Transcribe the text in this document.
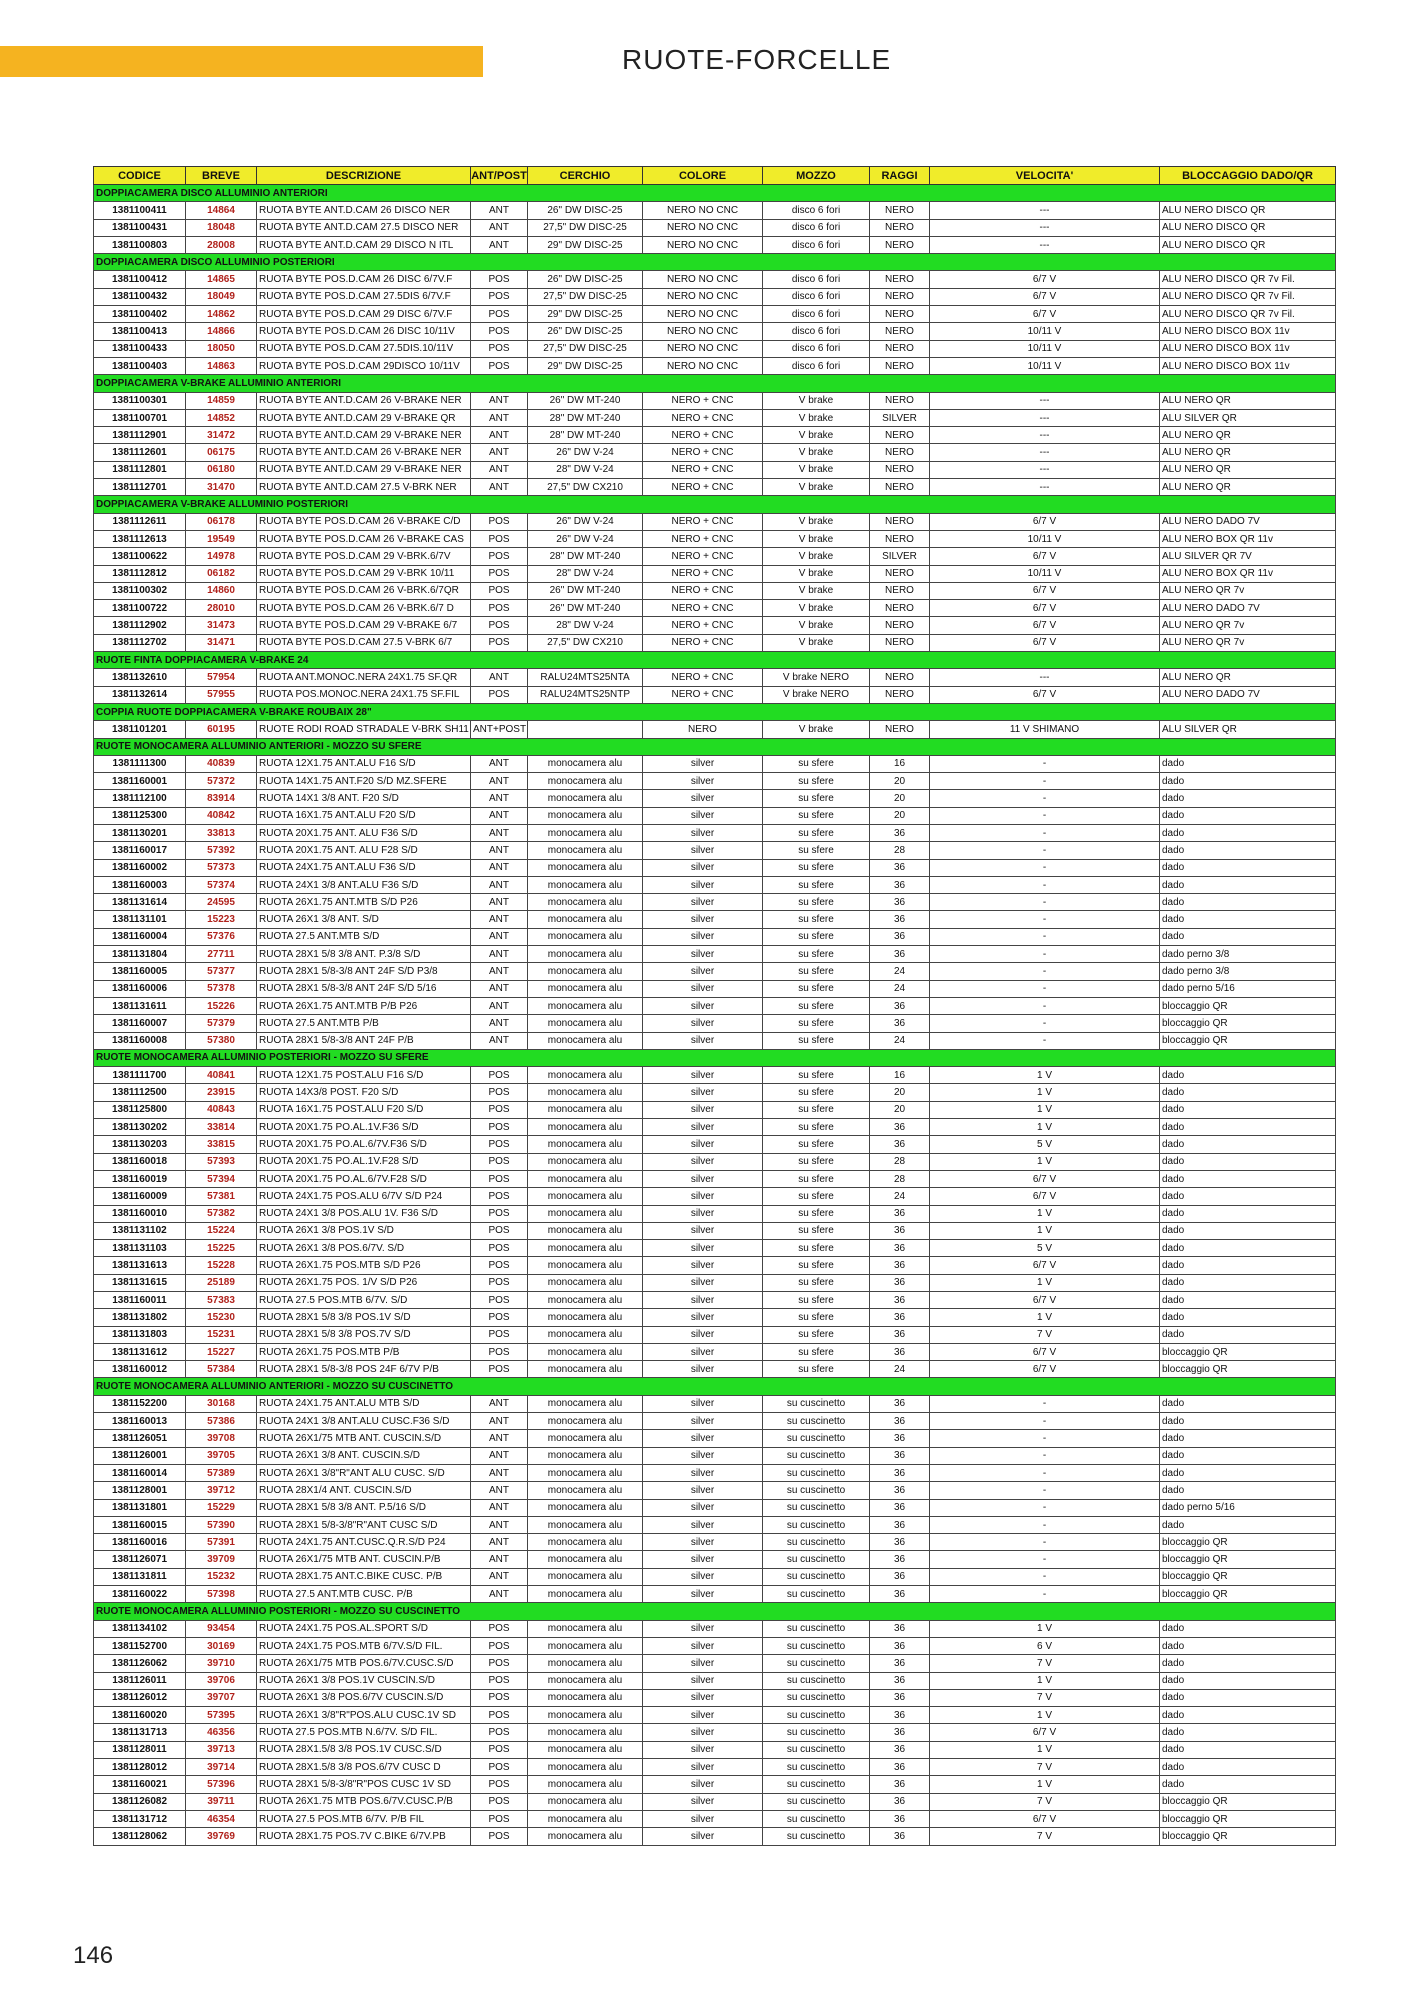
RUOTE-FORCELLE
CODICE	BREVE	DESCRIZIONE	ANT/POST	CERCHIO	COLORE	MOZZO	RAGGI	VELOCITA'	BLOCCAGGIO DADO/QR
DOPPIACAMERA DISCO ALLUMINIO ANTERIORI									
1381100411	14864	RUOTA BYTE ANT.D.CAM 26 DISCO NER	ANT	26" DW DISC-25	NERO NO CNC	disco 6 fori	NERO	---	ALU NERO DISCO QR
1381100431	18048	RUOTA BYTE ANT.D.CAM 27.5 DISCO NER	ANT	27,5" DW DISC-25	NERO NO CNC	disco 6 fori	NERO	---	ALU NERO DISCO QR
1381100803	28008	RUOTA BYTE ANT.D.CAM 29 DISCO N ITL	ANT	29" DW DISC-25	NERO NO CNC	disco 6 fori	NERO	---	ALU NERO DISCO QR
DOPPIACAMERA DISCO ALLUMINIO POSTERIORI									
1381100412	14865	RUOTA BYTE POS.D.CAM 26 DISC 6/7V.F	POS	26" DW DISC-25	NERO NO CNC	disco 6 fori	NERO	6/7 V	ALU NERO DISCO QR 7v Fil.
1381100432	18049	RUOTA BYTE POS.D.CAM 27.5DIS 6/7V.F	POS	27,5" DW DISC-25	NERO NO CNC	disco 6 fori	NERO	6/7 V	ALU NERO DISCO QR 7v Fil.
1381100402	14862	RUOTA BYTE POS.D.CAM 29 DISC 6/7V.F	POS	29" DW DISC-25	NERO NO CNC	disco 6 fori	NERO	6/7 V	ALU NERO DISCO QR 7v Fil.
1381100413	14866	RUOTA BYTE POS.D.CAM 26 DISC 10/11V	POS	26" DW DISC-25	NERO NO CNC	disco 6 fori	NERO	10/11 V	ALU NERO DISCO BOX 11v
1381100433	18050	RUOTA BYTE POS.D.CAM 27.5DIS.10/11V	POS	27,5" DW DISC-25	NERO NO CNC	disco 6 fori	NERO	10/11 V	ALU NERO DISCO BOX 11v
1381100403	14863	RUOTA BYTE POS.D.CAM 29DISCO 10/11V	POS	29" DW DISC-25	NERO NO CNC	disco 6 fori	NERO	10/11 V	ALU NERO DISCO BOX 11v
DOPPIACAMERA V-BRAKE ALLUMINIO ANTERIORI									
1381100301	14859	RUOTA BYTE ANT.D.CAM 26 V-BRAKE NER	ANT	26" DW MT-240	NERO + CNC	V brake	NERO	---	ALU NERO QR
1381100701	14852	RUOTA BYTE ANT.D.CAM 29 V-BRAKE QR	ANT	28" DW MT-240	NERO + CNC	V brake	SILVER	---	ALU SILVER QR
1381112901	31472	RUOTA BYTE ANT.D.CAM 29 V-BRAKE NER	ANT	28" DW MT-240	NERO + CNC	V brake	NERO	---	ALU NERO QR
1381112601	06175	RUOTA BYTE ANT.D.CAM 26 V-BRAKE NER	ANT	26" DW V-24	NERO + CNC	V brake	NERO	---	ALU NERO QR
1381112801	06180	RUOTA BYTE ANT.D.CAM 29 V-BRAKE NER	ANT	28" DW V-24	NERO + CNC	V brake	NERO	---	ALU NERO QR
1381112701	31470	RUOTA BYTE ANT.D.CAM 27.5 V-BRK NER	ANT	27,5" DW CX210	NERO + CNC	V brake	NERO	---	ALU NERO QR
DOPPIACAMERA V-BRAKE ALLUMINIO POSTERIORI									
1381112611	06178	RUOTA BYTE POS.D.CAM 26 V-BRAKE C/D	POS	26" DW V-24	NERO + CNC	V brake	NERO	6/7 V	ALU NERO DADO 7V
1381112613	19549	RUOTA BYTE POS.D.CAM 26 V-BRAKE CAS	POS	26" DW V-24	NERO + CNC	V brake	NERO	10/11 V	ALU NERO BOX QR 11v
1381100622	14978	RUOTA BYTE POS.D.CAM 29 V-BRK.6/7V	POS	28" DW MT-240	NERO + CNC	V brake	SILVER	6/7 V	ALU SILVER QR 7V
1381112812	06182	RUOTA BYTE POS.D.CAM 29 V-BRK 10/11	POS	28" DW V-24	NERO + CNC	V brake	NERO	10/11 V	ALU NERO BOX QR 11v
1381100302	14860	RUOTA BYTE POS.D.CAM 26 V-BRK.6/7QR	POS	26" DW MT-240	NERO + CNC	V brake	NERO	6/7 V	ALU NERO QR 7v
1381100722	28010	RUOTA BYTE POS.D.CAM 26 V-BRK.6/7 D	POS	26" DW MT-240	NERO + CNC	V brake	NERO	6/7 V	ALU NERO DADO 7V
1381112902	31473	RUOTA BYTE POS.D.CAM 29 V-BRAKE 6/7	POS	28" DW V-24	NERO + CNC	V brake	NERO	6/7 V	ALU NERO QR 7v
1381112702	31471	RUOTA BYTE POS.D.CAM 27.5 V-BRK 6/7	POS	27,5" DW CX210	NERO + CNC	V brake	NERO	6/7 V	ALU NERO QR 7v
RUOTE FINTA DOPPIACAMERA V-BRAKE 24									
1381132610	57954	RUOTA ANT.MONOC.NERA 24X1.75 SF.QR	ANT	RALU24MTS25NTA	NERO + CNC	V brake NERO	NERO	---	ALU NERO QR
1381132614	57955	RUOTA POS.MONOC.NERA 24X1.75 SF.FIL	POS	RALU24MTS25NTP	NERO + CNC	V brake NERO	NERO	6/7 V	ALU NERO DADO 7V
COPPIA RUOTE DOPPIACAMERA V-BRAKE ROUBAIX 28"									
1381101201	60195	RUOTE RODI ROAD STRADALE V-BRK SH11	ANT+POST		NERO	V brake	NERO	11 V SHIMANO	ALU SILVER QR
RUOTE MONOCAMERA ALLUMINIO ANTERIORI - MOZZO SU SFERE									
1381111300	40839	RUOTA 12X1.75 ANT.ALU F16 S/D	ANT	monocamera alu	silver	su sfere	16	-	dado
1381160001	57372	RUOTA 14X1.75 ANT.F20 S/D MZ.SFERE	ANT	monocamera alu	silver	su sfere	20	-	dado
1381112100	83914	RUOTA 14X1 3/8 ANT. F20 S/D	ANT	monocamera alu	silver	su sfere	20	-	dado
1381125300	40842	RUOTA 16X1.75 ANT.ALU F20 S/D	ANT	monocamera alu	silver	su sfere	20	-	dado
1381130201	33813	RUOTA 20X1.75 ANT. ALU F36 S/D	ANT	monocamera alu	silver	su sfere	36	-	dado
1381160017	57392	RUOTA 20X1.75 ANT. ALU F28 S/D	ANT	monocamera alu	silver	su sfere	28	-	dado
1381160002	57373	RUOTA 24X1.75 ANT.ALU F36 S/D	ANT	monocamera alu	silver	su sfere	36	-	dado
1381160003	57374	RUOTA 24X1 3/8 ANT.ALU F36 S/D	ANT	monocamera alu	silver	su sfere	36	-	dado
1381131614	24595	RUOTA 26X1.75 ANT.MTB S/D P26	ANT	monocamera alu	silver	su sfere	36	-	dado
1381131101	15223	RUOTA 26X1 3/8 ANT. S/D	ANT	monocamera alu	silver	su sfere	36	-	dado
1381160004	57376	RUOTA 27.5 ANT.MTB S/D	ANT	monocamera alu	silver	su sfere	36	-	dado
1381131804	27711	RUOTA 28X1 5/8 3/8 ANT. P.3/8 S/D	ANT	monocamera alu	silver	su sfere	36	-	dado perno 3/8
1381160005	57377	RUOTA 28X1 5/8-3/8 ANT 24F S/D P3/8	ANT	monocamera alu	silver	su sfere	24	-	dado perno 3/8
1381160006	57378	RUOTA 28X1 5/8-3/8 ANT 24F S/D 5/16	ANT	monocamera alu	silver	su sfere	24	-	dado perno 5/16
1381131611	15226	RUOTA 26X1.75 ANT.MTB P/B P26	ANT	monocamera alu	silver	su sfere	36	-	bloccaggio QR
1381160007	57379	RUOTA 27.5 ANT.MTB P/B	ANT	monocamera alu	silver	su sfere	36	-	bloccaggio QR
1381160008	57380	RUOTA 28X1 5/8-3/8 ANT 24F P/B	ANT	monocamera alu	silver	su sfere	24	-	bloccaggio QR
RUOTE MONOCAMERA ALLUMINIO POSTERIORI - MOZZO SU SFERE									
1381111700	40841	RUOTA 12X1.75 POST.ALU F16 S/D	POS	monocamera alu	silver	su sfere	16	1 V	dado
1381112500	23915	RUOTA 14X3/8 POST. F20 S/D	POS	monocamera alu	silver	su sfere	20	1 V	dado
1381125800	40843	RUOTA 16X1.75 POST.ALU F20 S/D	POS	monocamera alu	silver	su sfere	20	1 V	dado
1381130202	33814	RUOTA 20X1.75 PO.AL.1V.F36 S/D	POS	monocamera alu	silver	su sfere	36	1 V	dado
1381130203	33815	RUOTA 20X1.75 PO.AL.6/7V.F36 S/D	POS	monocamera alu	silver	su sfere	36	5 V	dado
1381160018	57393	RUOTA 20X1.75 PO.AL.1V.F28 S/D	POS	monocamera alu	silver	su sfere	28	1 V	dado
1381160019	57394	RUOTA 20X1.75 PO.AL.6/7V.F28 S/D	POS	monocamera alu	silver	su sfere	28	6/7 V	dado
1381160009	57381	RUOTA 24X1.75 POS.ALU 6/7V S/D P24	POS	monocamera alu	silver	su sfere	24	6/7 V	dado
1381160010	57382	RUOTA 24X1 3/8 POS.ALU 1V. F36 S/D	POS	monocamera alu	silver	su sfere	36	1 V	dado
1381131102	15224	RUOTA 26X1 3/8 POS.1V S/D	POS	monocamera alu	silver	su sfere	36	1 V	dado
1381131103	15225	RUOTA 26X1 3/8 POS.6/7V. S/D	POS	monocamera alu	silver	su sfere	36	5 V	dado
1381131613	15228	RUOTA 26X1.75 POS.MTB S/D P26	POS	monocamera alu	silver	su sfere	36	6/7 V	dado
1381131615	25189	RUOTA 26X1.75 POS. 1/V S/D P26	POS	monocamera alu	silver	su sfere	36	1 V	dado
1381160011	57383	RUOTA 27.5 POS.MTB 6/7V. S/D	POS	monocamera alu	silver	su sfere	36	6/7 V	dado
1381131802	15230	RUOTA 28X1 5/8 3/8 POS.1V S/D	POS	monocamera alu	silver	su sfere	36	1 V	dado
1381131803	15231	RUOTA 28X1 5/8 3/8 POS.7V S/D	POS	monocamera alu	silver	su sfere	36	7 V	dado
1381131612	15227	RUOTA 26X1.75 POS.MTB P/B	POS	monocamera alu	silver	su sfere	36	6/7 V	bloccaggio QR
1381160012	57384	RUOTA 28X1 5/8-3/8 POS 24F 6/7V P/B	POS	monocamera alu	silver	su sfere	24	6/7 V	bloccaggio QR
RUOTE MONOCAMERA ALLUMINIO ANTERIORI - MOZZO SU CUSCINETTO									
1381152200	30168	RUOTA 24X1.75 ANT.ALU MTB S/D	ANT	monocamera alu	silver	su cuscinetto	36	-	dado
1381160013	57386	RUOTA 24X1 3/8 ANT.ALU CUSC.F36 S/D	ANT	monocamera alu	silver	su cuscinetto	36	-	dado
1381126051	39708	RUOTA 26X1/75 MTB ANT. CUSCIN.S/D	ANT	monocamera alu	silver	su cuscinetto	36	-	dado
1381126001	39705	RUOTA 26X1 3/8 ANT. CUSCIN.S/D	ANT	monocamera alu	silver	su cuscinetto	36	-	dado
1381160014	57389	RUOTA 26X1 3/8"R"ANT ALU CUSC. S/D	ANT	monocamera alu	silver	su cuscinetto	36	-	dado
1381128001	39712	RUOTA 28X1/4 ANT. CUSCIN.S/D	ANT	monocamera alu	silver	su cuscinetto	36	-	dado
1381131801	15229	RUOTA 28X1 5/8 3/8 ANT. P.5/16 S/D	ANT	monocamera alu	silver	su cuscinetto	36	-	dado perno 5/16
1381160015	57390	RUOTA 28X1 5/8-3/8"R"ANT CUSC S/D	ANT	monocamera alu	silver	su cuscinetto	36	-	dado
1381160016	57391	RUOTA 24X1.75 ANT.CUSC.Q.R.S/D P24	ANT	monocamera alu	silver	su cuscinetto	36	-	bloccaggio QR
1381126071	39709	RUOTA 26X1/75 MTB ANT. CUSCIN.P/B	ANT	monocamera alu	silver	su cuscinetto	36	-	bloccaggio QR
1381131811	15232	RUOTA 28X1.75 ANT.C.BIKE CUSC. P/B	ANT	monocamera alu	silver	su cuscinetto	36	-	bloccaggio QR
1381160022	57398	RUOTA 27.5 ANT.MTB CUSC. P/B	ANT	monocamera alu	silver	su cuscinetto	36	-	bloccaggio QR
RUOTE MONOCAMERA ALLUMINIO POSTERIORI - MOZZO SU CUSCINETTO									
1381134102	93454	RUOTA 24X1.75 POS.AL.SPORT S/D	POS	monocamera alu	silver	su cuscinetto	36	1 V	dado
1381152700	30169	RUOTA 24X1.75 POS.MTB 6/7V.S/D FIL.	POS	monocamera alu	silver	su cuscinetto	36	6 V	dado
1381126062	39710	RUOTA 26X1/75 MTB POS.6/7V.CUSC.S/D	POS	monocamera alu	silver	su cuscinetto	36	7 V	dado
1381126011	39706	RUOTA 26X1 3/8 POS.1V CUSCIN.S/D	POS	monocamera alu	silver	su cuscinetto	36	1 V	dado
1381126012	39707	RUOTA 26X1 3/8 POS.6/7V CUSCIN.S/D	POS	monocamera alu	silver	su cuscinetto	36	7 V	dado
1381160020	57395	RUOTA 26X1 3/8"R"POS.ALU CUSC.1V SD	POS	monocamera alu	silver	su cuscinetto	36	1 V	dado
1381131713	46356	RUOTA 27.5 POS.MTB N.6/7V. S/D FIL.	POS	monocamera alu	silver	su cuscinetto	36	6/7 V	dado
1381128011	39713	RUOTA 28X1.5/8 3/8 POS.1V CUSC.S/D	POS	monocamera alu	silver	su cuscinetto	36	1 V	dado
1381128012	39714	RUOTA 28X1.5/8 3/8 POS.6/7V CUSC D	POS	monocamera alu	silver	su cuscinetto	36	7 V	dado
1381160021	57396	RUOTA 28X1 5/8-3/8"R"POS CUSC 1V SD	POS	monocamera alu	silver	su cuscinetto	36	1 V	dado
1381126082	39711	RUOTA 26X1.75 MTB POS.6/7V.CUSC.P/B	POS	monocamera alu	silver	su cuscinetto	36	7 V	bloccaggio QR
1381131712	46354	RUOTA 27.5 POS.MTB 6/7V. P/B FIL	POS	monocamera alu	silver	su cuscinetto	36	6/7 V	bloccaggio QR
1381128062	39769	RUOTA 28X1.75 POS.7V C.BIKE 6/7V.PB	POS	monocamera alu	silver	su cuscinetto	36	7 V	bloccaggio QR
146
